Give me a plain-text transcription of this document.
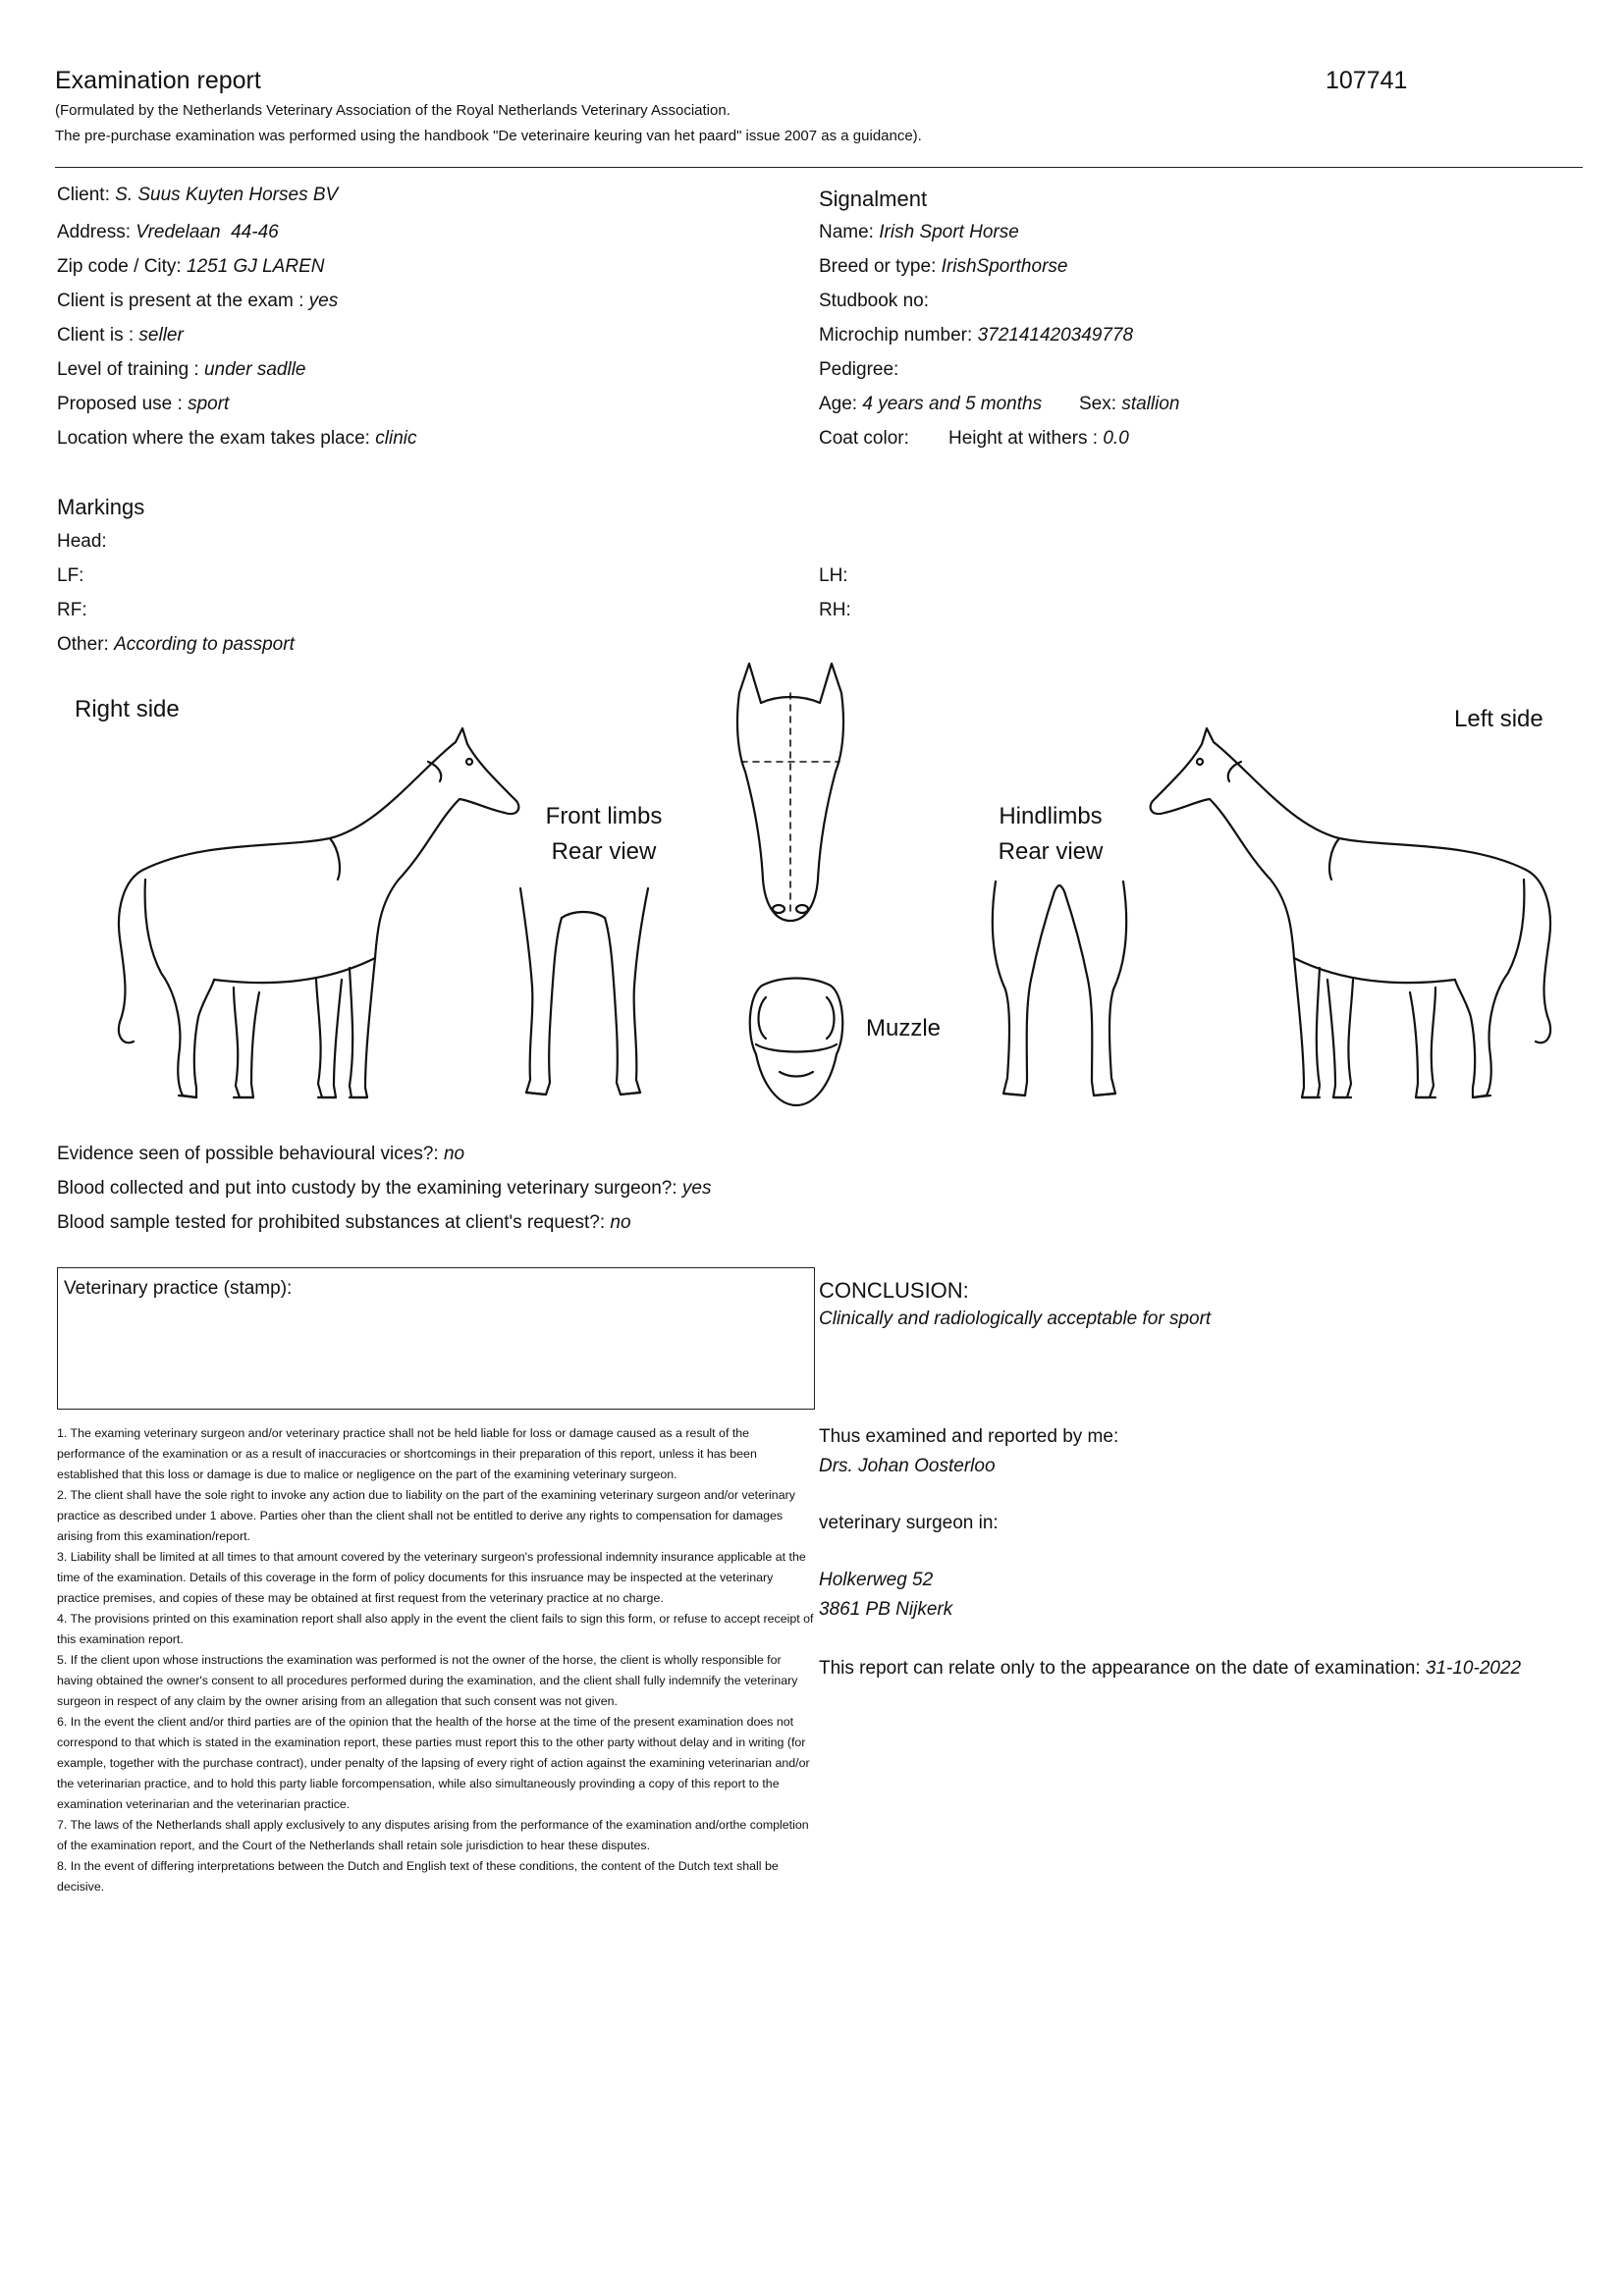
Examination report	107741
(Formulated by the Netherlands Veterinary Association of the Royal Netherlands Veterinary Association.
The pre-purchase examination was performed using the handbook "De veterinaire keuring van het paard" issue 2007 as a guidance).
Client: S. Suus Kuyten Horses BV
Address: Vredelaan  44-46
Zip code / City: 1251 GJ LAREN
Client is present at the exam : yes
Client is : seller
Level of training : under sadlle
Proposed use : sport
Location where the exam takes place: clinic
Signalment
Name: Irish Sport Horse
Breed or type: IrishSporthorse
Studbook no:
Microchip number: 372141420349778
Pedigree:
Age: 4 years and 5 months Sex: stallion
Coat color: Height at withers : 0.0
Markings
Head:
LF:
RF:
LH:
RH:
Other: According to passport
Right side	Left side
Front limbs
Rear view
Hindlimbs
Rear view
Muzzle
Evidence seen of possible behavioural vices?: no
Blood collected and put into custody by the examining veterinary surgeon?: yes
Blood sample tested for prohibited substances at client's request?: no
Veterinary practice (stamp):	CONCLUSION:
Clinically and radiologically acceptable for sport

1. The examing veterinary surgeon and/or veterinary practice shall not be held liable for loss or damage caused as a result of the performance of the examination or as a result of inaccuracies or shortcomings in their preparation of this report, unless it has been established that this loss or damage is due to malice or negligence on the part of the examining veterinary surgeon.

2. The client shall have the sole right to invoke any action due to liability on the part of the examining veterinary surgeon and/or veterinary practice as described under 1 above. Parties oher than the client shall not be entitled to derive any rights to compensation for damages arising from this examination/report.

3. Liability shall be limited at all times to that amount covered by the veterinary surgeon's professional indemnity insurance applicable at the time of the examination. Details of this coverage in the form of policy documents for this insruance may be inspected at the veterinary practice premises, and copies of these may be obtained at first request from the veterinary practice at no charge.

4. The provisions printed on this examination report shall also apply in the event the client fails to sign this form, or refuse to accept receipt of this examination report.

5. If the client upon whose instructions the examination was performed is not the owner of the horse, the client is wholly responsible for having obtained the owner's consent to all procedures performed during the examination, and the client shall fully indemnify the veterinary surgeon in respect of any claim by the owner arising from an allegation that such consent was not given.

6. In the event the client and/or third parties are of the opinion that the health of the horse at the time of the present examination does not correspond to that which is stated in the examination report, these parties must report this to the other party without delay and in writing (for example, together with the purchase contract), under penalty of the lapsing of every right of action against the examining veterinarian and/or the veterinarian practice, and to hold this party liable forcompensation, while also simultaneously provinding a copy of this report to the examination veterinarian and the veterinarian practice.

7. The laws of the Netherlands shall apply exclusively to any disputes arising from the performance of the examination and/orthe completion of the examination report, and the Court of the Netherlands shall retain sole jurisdiction to hear these disputes.

8. In the event of differing interpretations between the Dutch and English text of these conditions, the content of the Dutch text shall be decisive.

Thus examined and reported by me:
Drs. Johan Oosterloo
veterinary surgeon in:
Holkerweg 52
3861 PB Nijkerk
This report can relate only to the appearance on the date of examination: 31-10-2022
